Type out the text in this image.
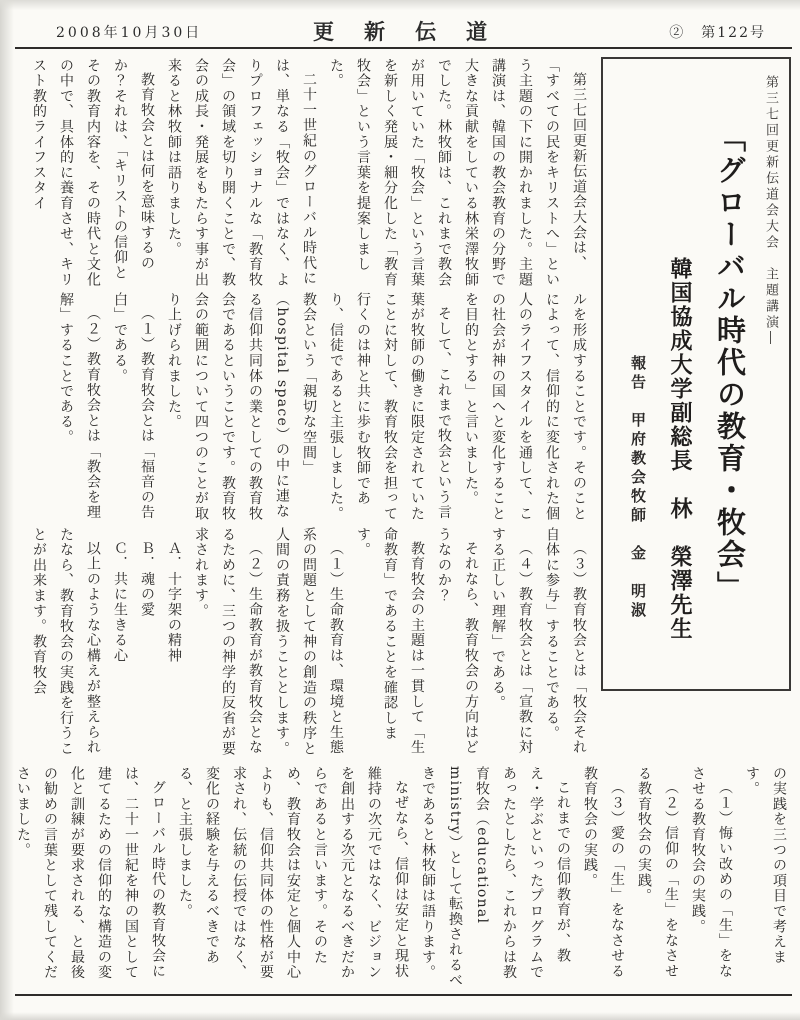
2008年10月30日	更新伝道	②　第122号
第三七回更新伝道会大会　主題講演―
「グローバル時代の教育・牧会」
韓国協成大学副総長　林　榮澤先生
報告　甲府教会牧師　金　明淑

第三七回更新伝道会大会は、「すべての民をキリストへ」という主題の下に開かれました。主題講演は、韓国の教会教育の分野で大きな貢献をしている林栄澤牧師でした。林牧師は、これまで教会が用いていた「牧会」という言葉を新しく発展・細分化した「教育牧会」という言葉を提案しました。

二十一世紀のグローバル時代には、単なる「牧会」ではなく、よりプロフェッショナルな「教育牧会」の領域を切り開くことで、教会の成長・発展をもたらす事が出来ると林牧師は語りました。

教育牧会とは何を意味するのか？それは、「キリストの信仰とその教育内容を、その時代と文化の中で、具体的に養育させ、キリスト教的ライフスタイ

ルを形成することです。そのことによって、信仰的に変化された個人のライフスタイルを通して、この社会が神の国へと変化することを目的とする」と言いました。

そして、これまで牧会という言葉が牧師の働きに限定されていたことに対して、教育牧会を担って行くのは神と共に歩む牧師であり、信徒であると主張しました。教会という「親切な空間」（hospital space）の中に連なる信仰共同体の業としての教育牧会であるということです。教育牧会の範囲について四つのことが取り上げられました。

（１）教育牧会とは「福音の告白」である。

（２）教育牧会とは「教会を理解」することである。

（３）教育牧会とは「牧会それ自体に参与」することである。

（４）教育牧会とは「宣教に対する正しい理解」である。

それなら、教育牧会の方向はどうなのか？

教育牧会の主題は一貫して「生命教育」であることを確認します。

（１）生命教育は、環境と生態系の問題として神の創造の秩序と人間の責務を扱うこととします。

（２）生命教育が教育牧会となるために、三つの神学的反省が要求されます。

Ａ．十字架の精神

Ｂ．魂の愛

Ｃ．共に生きる心

以上のような心構えが整えられたなら、教育牧会の実践を行うことが出来ます。教育牧会

の実践を三つの項目で考えます。

（１）悔い改めの「生」をなさせる教育牧会の実践。

（２）信仰の「生」をなさせる教育牧会の実践。

（３）愛の「生」をなさせる教育牧会の実践。

これまでの信仰教育が、教え・学ぶといったプログラムであったとしたら、これからは教育牧会（educational ministry）として転換されるべきであると林牧師は語ります。

なぜなら、信仰は安定と現状維持の次元ではなく、ビジョンを創出する次元となるべきだからであると言います。そのため、教育牧会は安定と個人中心よりも、信仰共同体の性格が要求され、伝統の伝授ではなく、変化の経験を与えるべきである、と主張しました。

グローバル時代の教育牧会には、二十一世紀を神の国として建てるための信仰的な構造の変化と訓練が要求される、と最後の勧めの言葉として残してくださいました。
